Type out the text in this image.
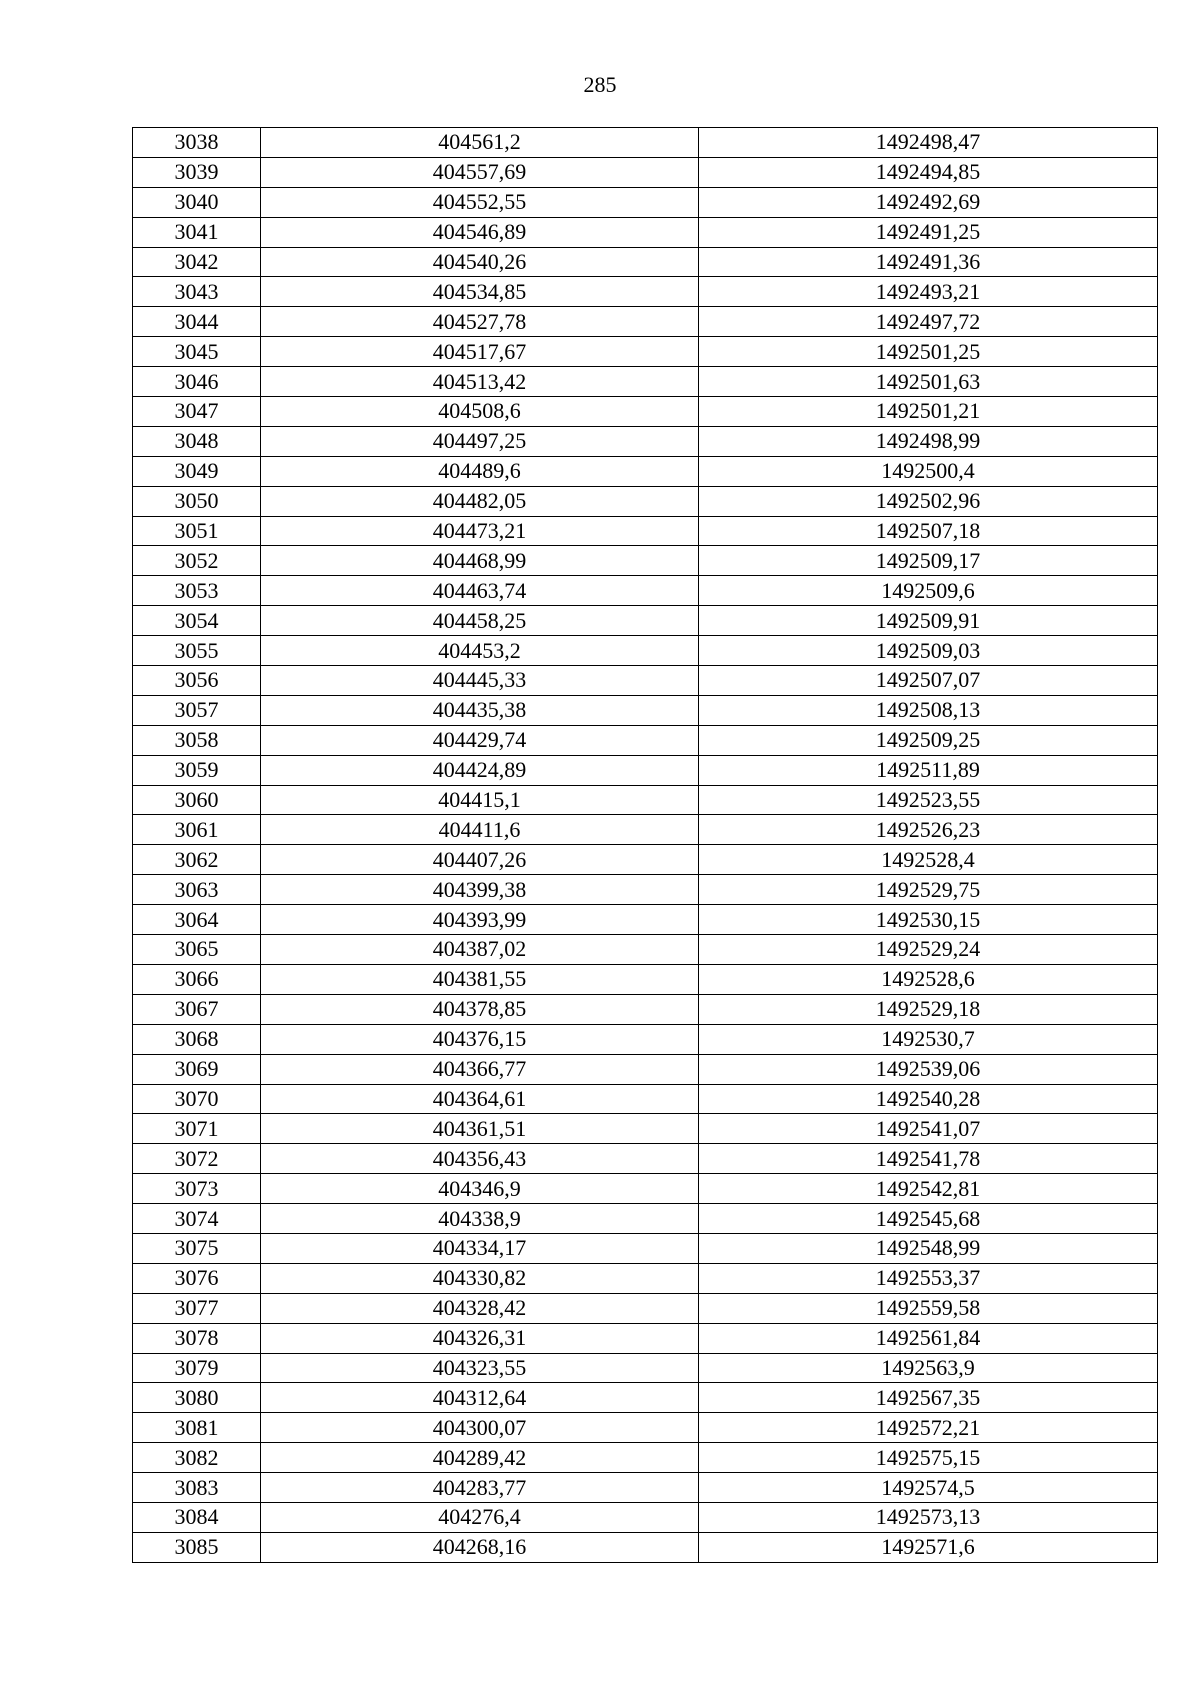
285
3038	404561,2	1492498,47
3039	404557,69	1492494,85
3040	404552,55	1492492,69
3041	404546,89	1492491,25
3042	404540,26	1492491,36
3043	404534,85	1492493,21
3044	404527,78	1492497,72
3045	404517,67	1492501,25
3046	404513,42	1492501,63
3047	404508,6	1492501,21
3048	404497,25	1492498,99
3049	404489,6	1492500,4
3050	404482,05	1492502,96
3051	404473,21	1492507,18
3052	404468,99	1492509,17
3053	404463,74	1492509,6
3054	404458,25	1492509,91
3055	404453,2	1492509,03
3056	404445,33	1492507,07
3057	404435,38	1492508,13
3058	404429,74	1492509,25
3059	404424,89	1492511,89
3060	404415,1	1492523,55
3061	404411,6	1492526,23
3062	404407,26	1492528,4
3063	404399,38	1492529,75
3064	404393,99	1492530,15
3065	404387,02	1492529,24
3066	404381,55	1492528,6
3067	404378,85	1492529,18
3068	404376,15	1492530,7
3069	404366,77	1492539,06
3070	404364,61	1492540,28
3071	404361,51	1492541,07
3072	404356,43	1492541,78
3073	404346,9	1492542,81
3074	404338,9	1492545,68
3075	404334,17	1492548,99
3076	404330,82	1492553,37
3077	404328,42	1492559,58
3078	404326,31	1492561,84
3079	404323,55	1492563,9
3080	404312,64	1492567,35
3081	404300,07	1492572,21
3082	404289,42	1492575,15
3083	404283,77	1492574,5
3084	404276,4	1492573,13
3085	404268,16	1492571,6
